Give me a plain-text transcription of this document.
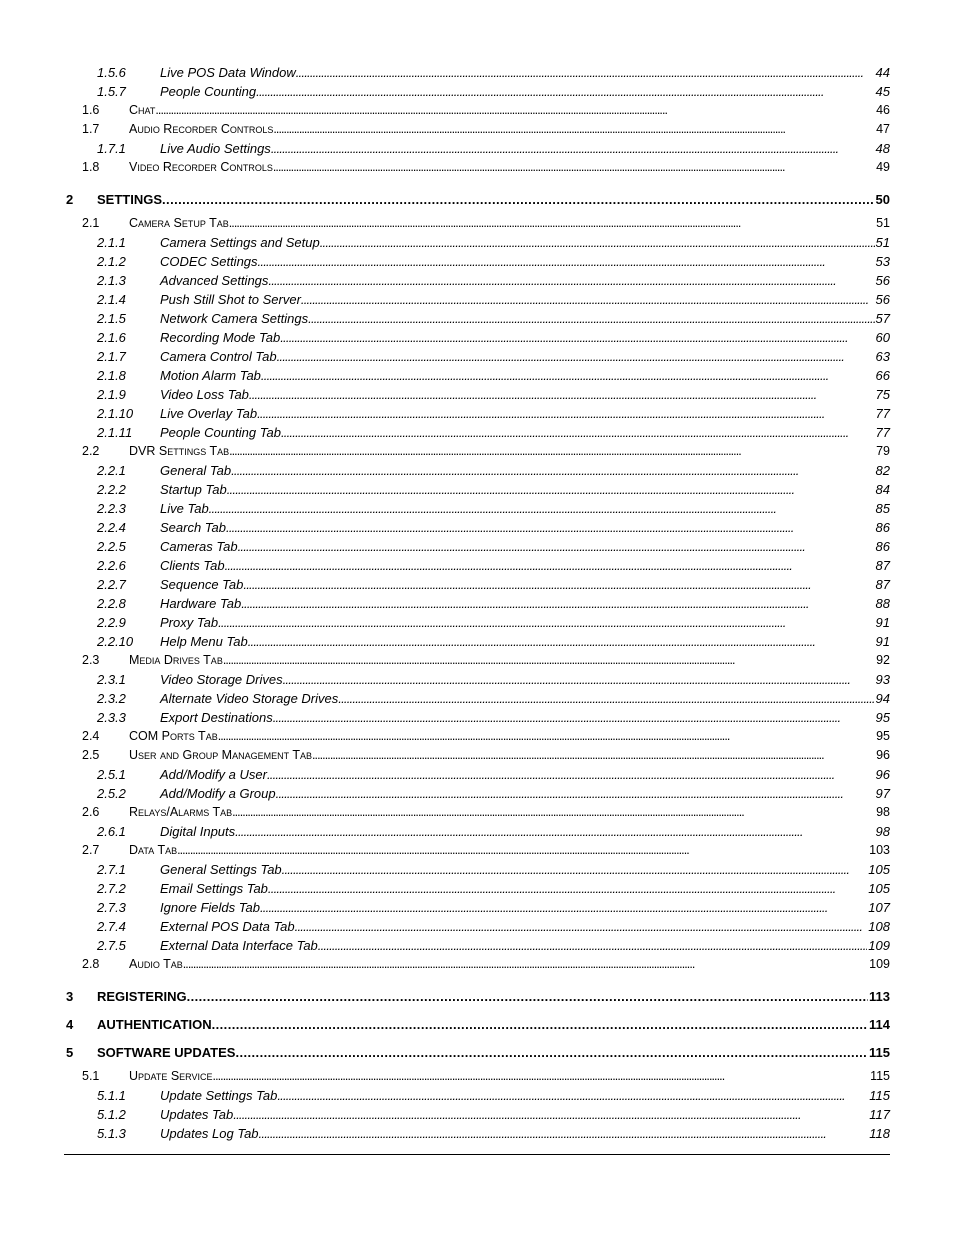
1.5.6	Live POS Data Window . . .	44
1.5.7	People Counting . . .	45
1.6 Chat . . .	46
1.7 Audio Recorder Controls . . .	47
1.7.1	Live Audio Settings . . .	48
1.8 Video Recorder Controls . . .	49
2 SETTINGS . . .	50
2.1 Camera Setup Tab . . .	51
2.1.1	Camera Settings and Setup . . .	51
2.1.2	CODEC Settings . . .	53
2.1.3	Advanced Settings . . .	56
2.1.4	Push Still Shot to Server . . .	56
2.1.5	Network Camera Settings . . .	57
2.1.6	Recording Mode Tab . . .	60
2.1.7	Camera Control Tab . . .	63
2.1.8	Motion Alarm Tab . . .	66
2.1.9	Video Loss Tab . . .	75
2.1.10 Live Overlay Tab . . .	77
2.1.11 People Counting Tab . . .	77
2.2 DVR Settings Tab . . .	79
2.2.1	General Tab . . .	82
2.2.2	Startup Tab . . .	84
2.2.3	Live Tab . . .	85
2.2.4	Search Tab . . .	86
2.2.5	Cameras Tab . . .	86
2.2.6	Clients Tab . . .	87
2.2.7	Sequence Tab . . .	87
2.2.8	Hardware Tab . . .	88
2.2.9	Proxy Tab . . .	91
2.2.10 Help Menu Tab . . .	91
2.3 Media Drives Tab . . .	92
2.3.1	Video Storage Drives . . .	93
2.3.2	Alternate Video Storage Drives . . .	94
2.3.3	Export Destinations . . .	95
2.4 COM Ports Tab . . .	95
2.5 User and Group Management Tab . . .	96
2.5.1	Add/Modify a User . . .	96
2.5.2	Add/Modify a Group . . .	97
2.6 Relays/Alarms Tab . . .	98
2.6.1	Digital Inputs . . .	98
2.7 Data Tab . . .	103
2.7.1	General Settings Tab . . .	105
2.7.2	Email Settings Tab . . .	105
2.7.3	Ignore Fields Tab . . .	107
2.7.4	External POS Data Tab . . .	108
2.7.5	External Data Interface Tab . . .	109
2.8 Audio Tab . . .	109
3 REGISTERING . . .	113
4 AUTHENTICATION . . .	114
5 SOFTWARE UPDATES . . .	115
5.1 Update Service . . .	115
5.1.1	Update Settings Tab . . .	115
5.1.2	Updates Tab . . .	117
5.1.3	Updates Log Tab . . .	118
